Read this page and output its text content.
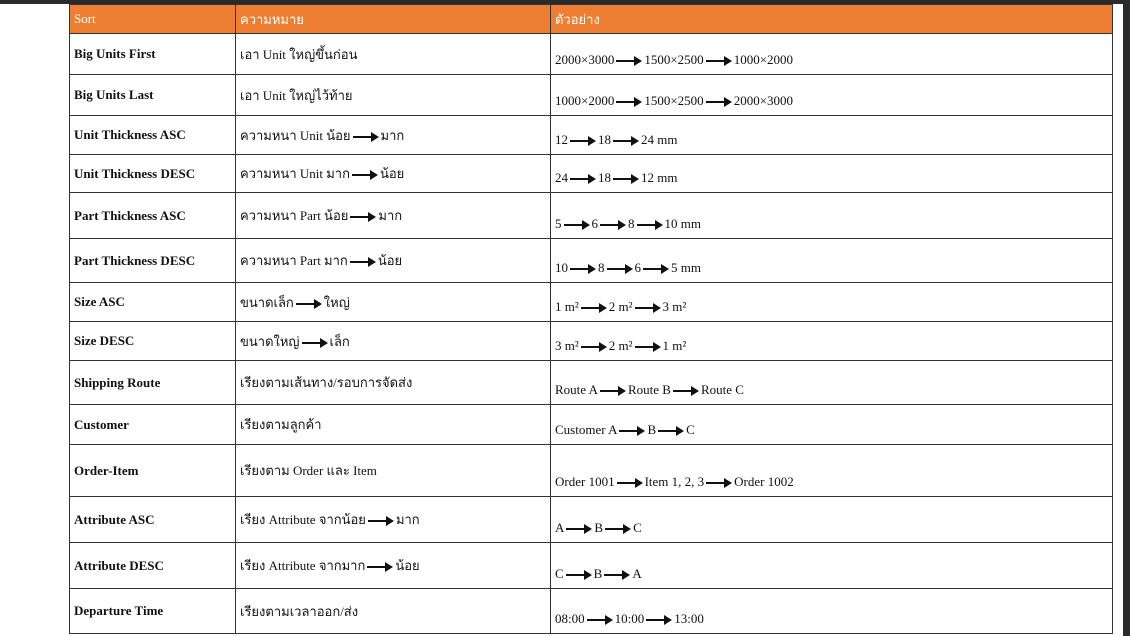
Sort	ความหมาย	ตัวอย่าง
Big Units First	เอา Unit ใหญ่ขึ้นก่อน	2000×3000 1500×2500 1000×2000
Big Units Last	เอา Unit ใหญ่ไว้ท้าย	1000×2000 1500×2500 2000×3000
Unit Thickness ASC	ความหนา Unit น้อย มาก	12 18 24 mm
Unit Thickness DESC	ความหนา Unit มาก น้อย	24 18 12 mm
Part Thickness ASC	ความหนา Part น้อย มาก	5 6 8 10 mm
Part Thickness DESC	ความหนา Part มาก น้อย	10 8 6 5 mm
Size ASC	ขนาดเล็ก ใหญ่	1 m² 2 m² 3 m²
Size DESC	ขนาดใหญ่ เล็ก	3 m² 2 m² 1 m²
Shipping Route	เรียงตามเส้นทาง/รอบการจัดส่ง	Route A Route B Route C
Customer	เรียงตามลูกค้า	Customer A B C
Order-Item	เรียงตาม Order และ Item	Order 1001 Item 1, 2, 3 Order 1002
Attribute ASC	เรียง Attribute จากน้อย มาก	A B C
Attribute DESC	เรียง Attribute จากมาก น้อย	C B A
Departure Time	เรียงตามเวลาออก/ส่ง	08:00 10:00 13:00
